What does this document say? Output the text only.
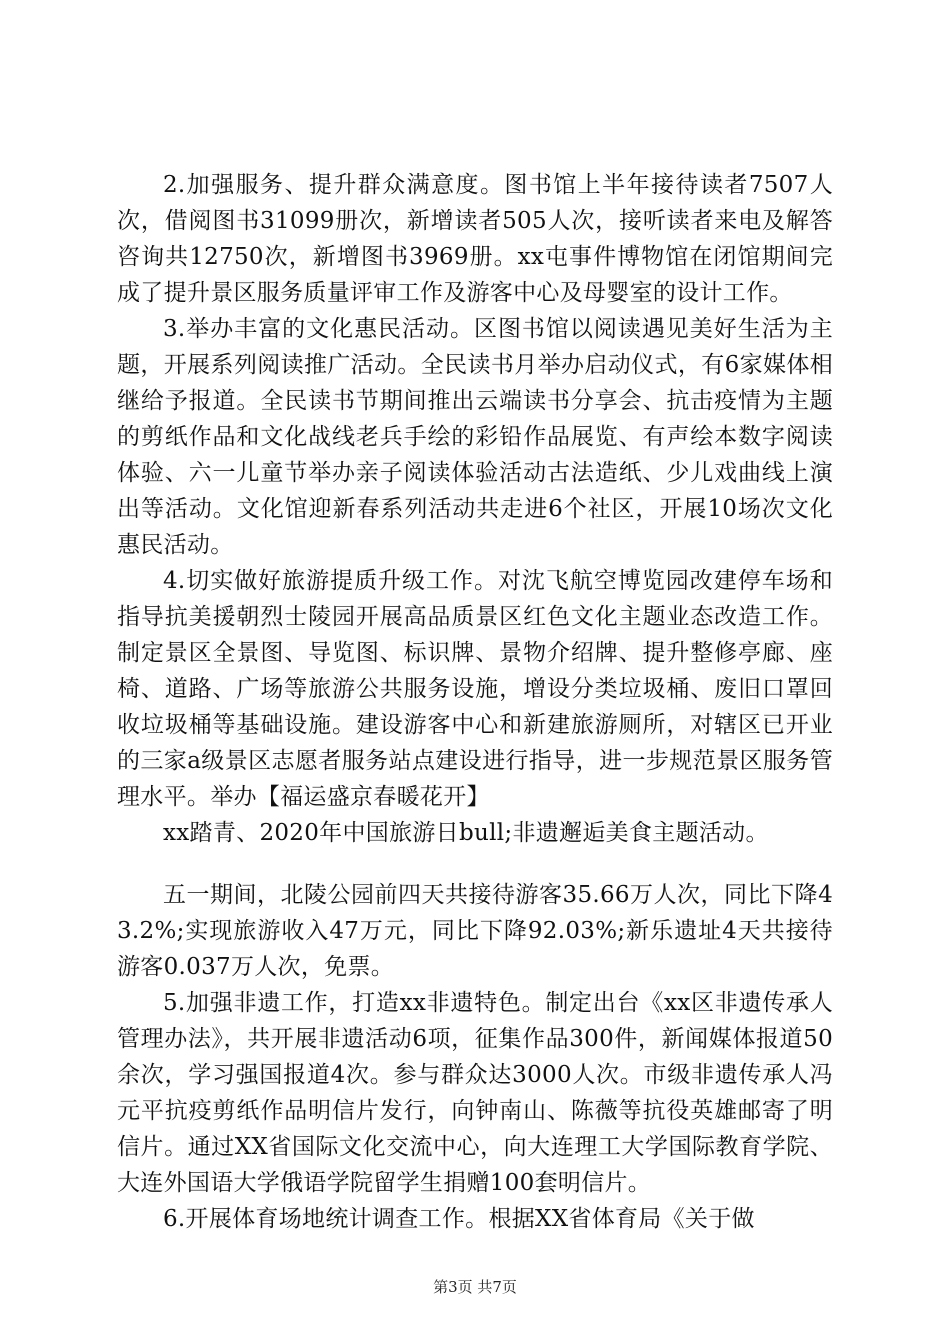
2.加强服务、提升群众满意度。图书馆上半年接待读者7507人次，借阅图书31099册次，新增读者505人次，接听读者来电及解答咨询共12750次，新增图书3969册。xx屯事件博物馆在闭馆期间完成了提升景区服务质量评审工作及游客中心及母婴室的设计工作。

3.举办丰富的文化惠民活动。区图书馆以阅读遇见美好生活为主题，开展系列阅读推广活动。全民读书月举办启动仪式，有6家媒体相继给予报道。全民读书节期间推出云端读书分享会、抗击疫情为主题的剪纸作品和文化战线老兵手绘的彩铅作品展览、有声绘本数字阅读体验、六一儿童节举办亲子阅读体验活动古法造纸、少儿戏曲线上演出等活动。文化馆迎新春系列活动共走进6个社区，开展10场次文化惠民活动。

4.切实做好旅游提质升级工作。对沈飞航空博览园改建停车场和指导抗美援朝烈士陵园开展高品质景区红色文化主题业态改造工作。制定景区全景图、导览图、标识牌、景物介绍牌、提升整修亭廊、座椅、道路、广场等旅游公共服务设施，增设分类垃圾桶、废旧口罩回收垃圾桶等基础设施。建设游客中心和新建旅游厕所，对辖区已开业的三家a级景区志愿者服务站点建设进行指导，进一步规范景区服务管理水平。举办【福运盛京春暖花开】

xx踏青、2020年中国旅游日bull;非遗邂逅美食主题活动。

五一期间，北陵公园前四天共接待游客35.66万人次，同比下降43.2%;实现旅游收入47万元，同比下降92.03%;新乐遗址4天共接待游客0.037万人次，免票。

5.加强非遗工作，打造xx非遗特色。制定出台《xx区非遗传承人管理办法》，共开展非遗活动6项，征集作品300件，新闻媒体报道50余次，学习强国报道4次。参与群众达3000人次。市级非遗传承人冯元平抗疫剪纸作品明信片发行，向钟南山、陈薇等抗役英雄邮寄了明信片。通过XX省国际文化交流中心，向大连理工大学国际教育学院、大连外国语大学俄语学院留学生捐赠100套明信片。

6.开展体育场地统计调查工作。根据XX省体育局《关于做

第3页 共7页
